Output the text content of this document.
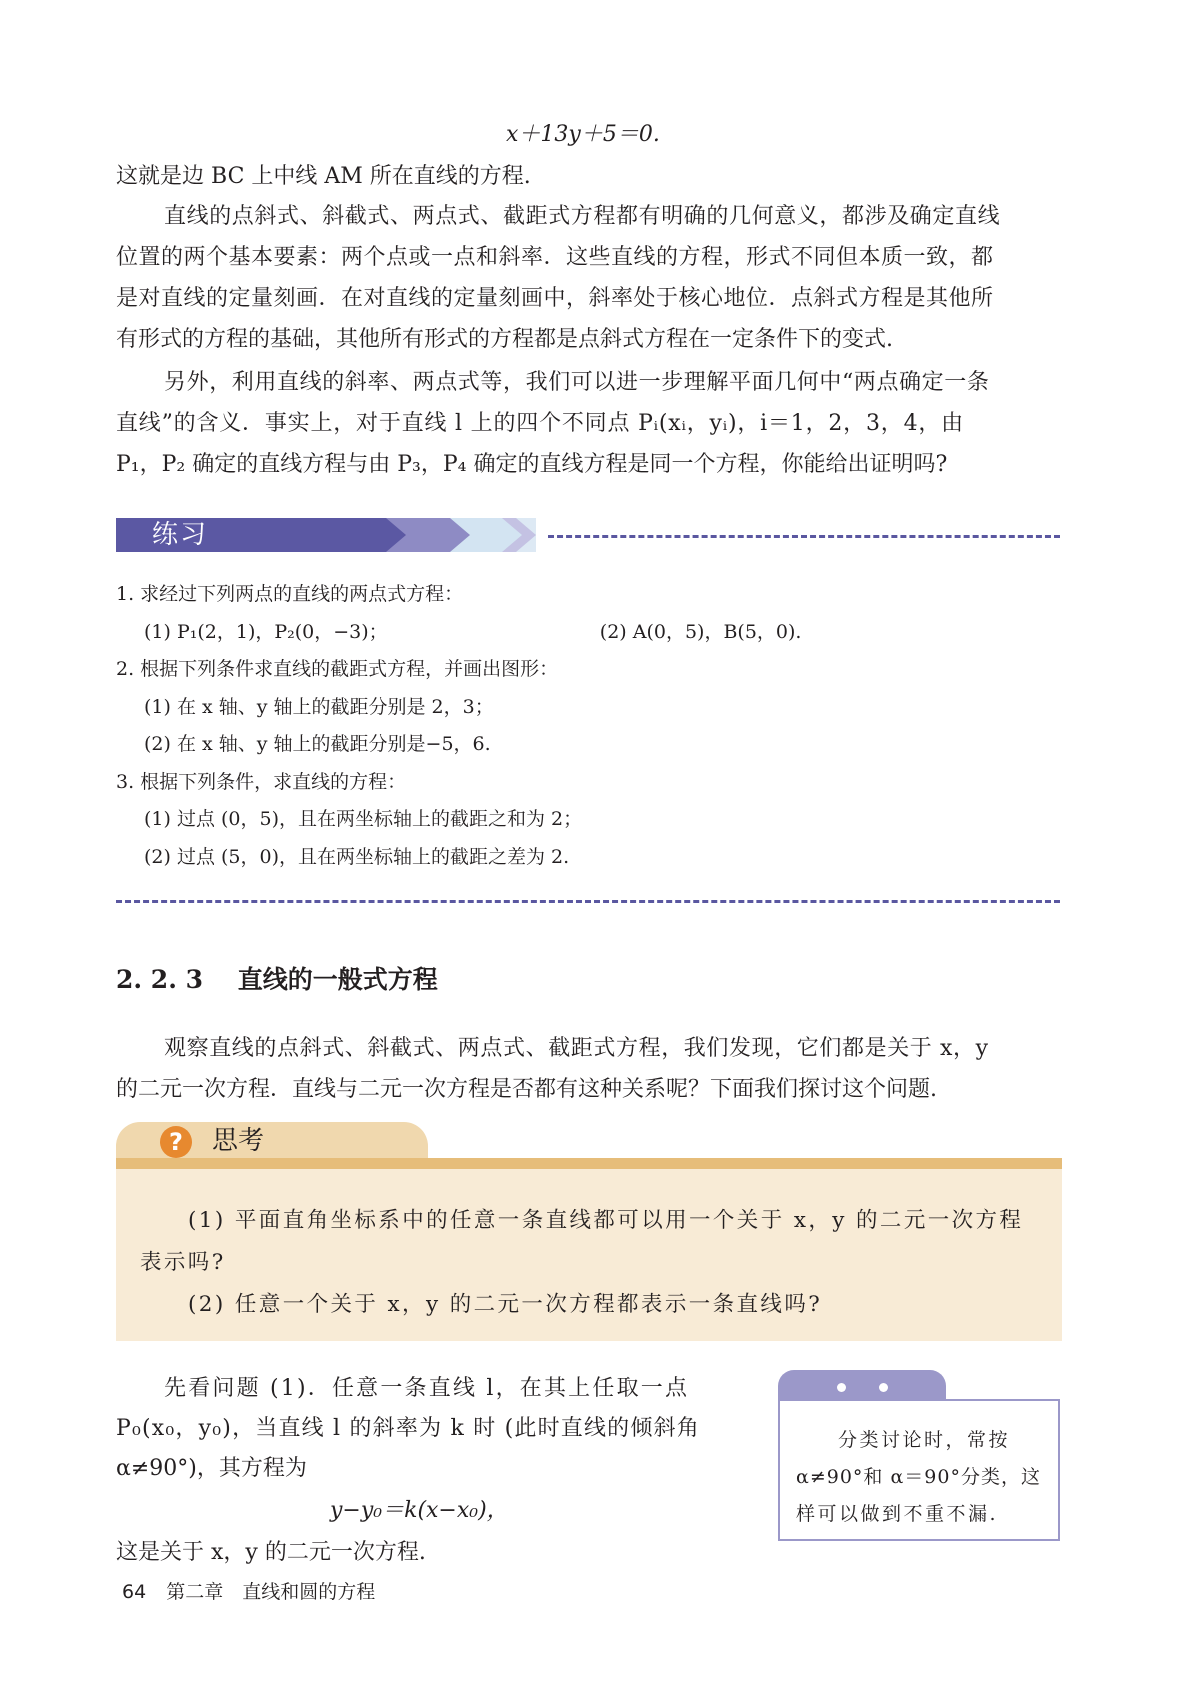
x＋13y＋5＝0.
这就是边 BC 上中线 AM 所在直线的方程.
直线的点斜式、斜截式、两点式、截距式方程都有明确的几何意义，都涉及确定直线
位置的两个基本要素：两个点或一点和斜率．这些直线的方程，形式不同但本质一致，都
是对直线的定量刻画．在对直线的定量刻画中，斜率处于核心地位．点斜式方程是其他所
有形式的方程的基础，其他所有形式的方程都是点斜式方程在一定条件下的变式.
另外，利用直线的斜率、两点式等，我们可以进一步理解平面几何中“两点确定一条
直线”的含义．事实上，对于直线 l 上的四个不同点 Pᵢ(xᵢ，yᵢ)，i＝1，2，3，4，由
P₁，P₂ 确定的直线方程与由 P₃，P₄ 确定的直线方程是同一个方程，你能给出证明吗?
练习
1. 求经过下列两点的直线的两点式方程：
(1) P₁(2，1)，P₂(0，−3)；	(2) A(0，5)，B(5，0).
2. 根据下列条件求直线的截距式方程，并画出图形：
(1) 在 x 轴、y 轴上的截距分别是 2，3；
(2) 在 x 轴、y 轴上的截距分别是−5，6.
3. 根据下列条件，求直线的方程：
(1) 过点 (0，5)，且在两坐标轴上的截距之和为 2；
(2) 过点 (5，0)，且在两坐标轴上的截距之差为 2.
2. 2. 3 直线的一般式方程
观察直线的点斜式、斜截式、两点式、截距式方程，我们发现，它们都是关于 x，y
的二元一次方程．直线与二元一次方程是否都有这种关系呢？下面我们探讨这个问题.
?	思考
(1) 平面直角坐标系中的任意一条直线都可以用一个关于 x，y 的二元一次方程
表示吗?
(2) 任意一个关于 x，y 的二元一次方程都表示一条直线吗?
先看问题 (1)．任意一条直线 l，在其上任取一点
P₀(x₀，y₀)，当直线 l 的斜率为 k 时 (此时直线的倾斜角
α≠90°)，其方程为
y−y₀＝k(x−x₀)，
这是关于 x，y 的二元一次方程.
分类讨论时，常按
α≠90°和 α＝90°分类，这
样可以做到不重不漏.
64 第二章　直线和圆的方程
